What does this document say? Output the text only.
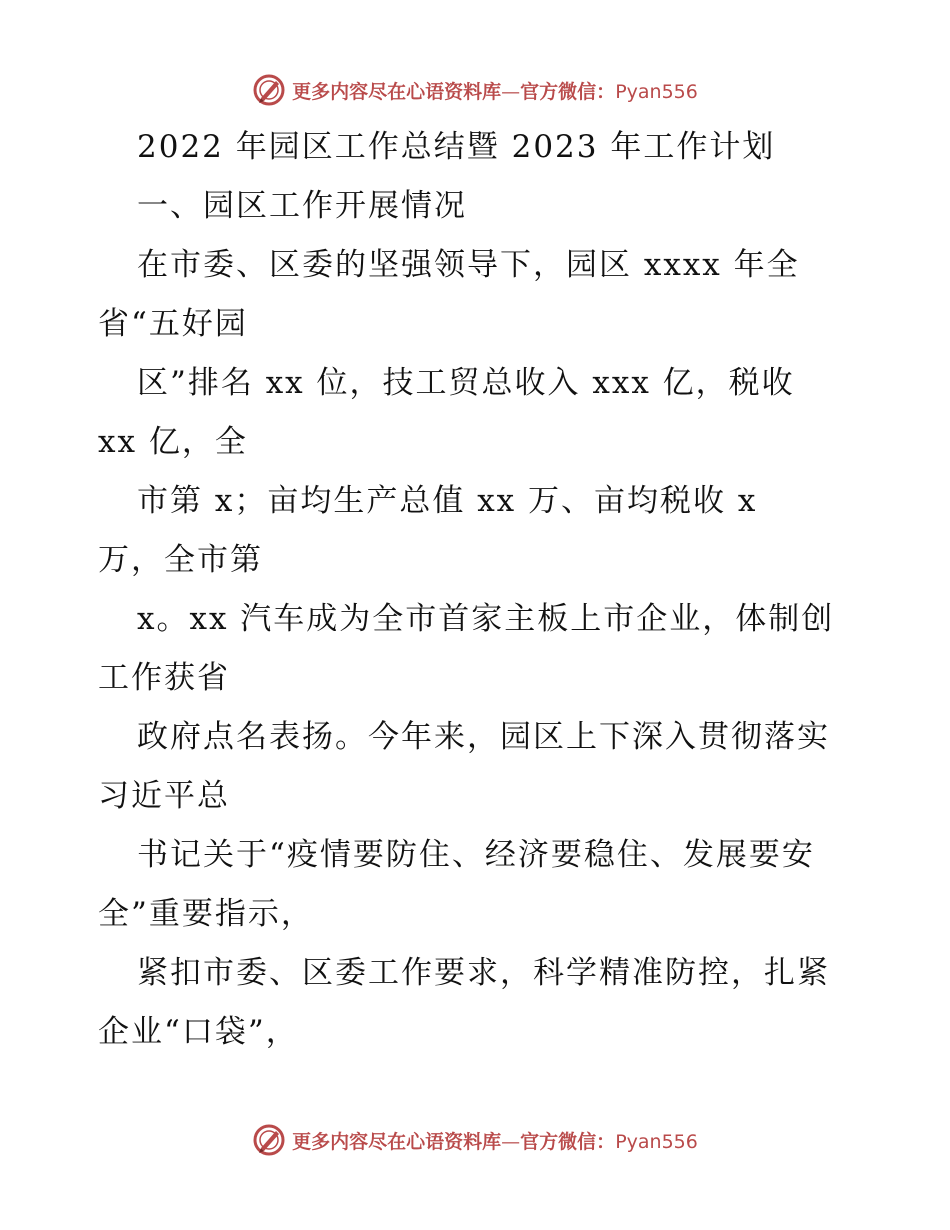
更多内容尽在心语资料库—官方微信：Pyan556
2022 年园区工作总结暨 2023 年工作计划
一、园区工作开展情况
在市委、区委的坚强领导下，园区 xxxx 年全
省“五好园
区”排名 xx 位，技工贸总收入 xxx 亿，税收
xx 亿，全
市第 x；亩均生产总值 xx 万、亩均税收 x
万，全市第
x。xx 汽车成为全市首家主板上市企业，体制创
工作获省
政府点名表扬。今年来，园区上下深入贯彻落实
习近平总
书记关于“疫情要防住、经济要稳住、发展要安
全”重要指示，
紧扣市委、区委工作要求，科学精准防控，扎紧
企业“口袋”，
更多内容尽在心语资料库—官方微信：Pyan556
